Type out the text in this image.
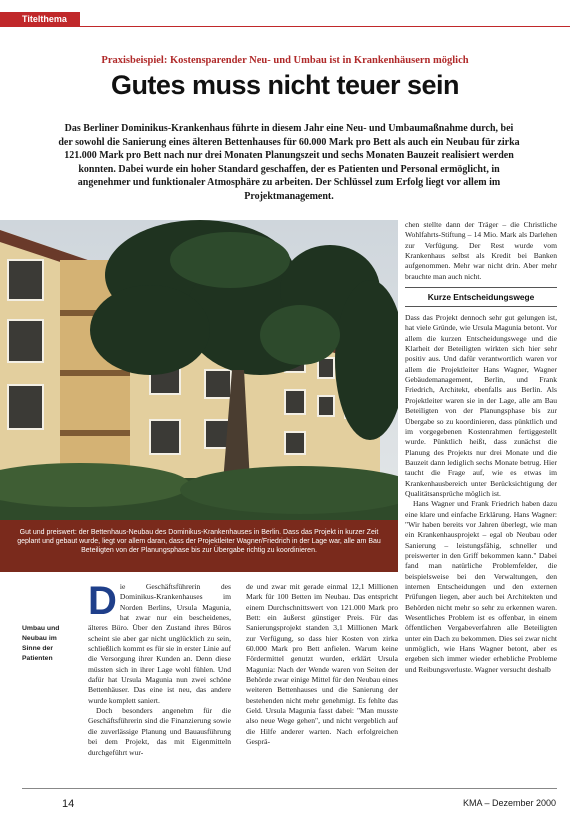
Titelthema
Praxisbeispiel: Kostensparender Neu- und Umbau ist in Krankenhäusern möglich
Gutes muss nicht teuer sein
Das Berliner Dominikus-Krankenhaus führte in diesem Jahr eine Neu- und Umbaumaßnahme durch, bei der sowohl die Sanierung eines älteren Bettenhauses für 60.000 Mark pro Bett als auch ein Neubau für zirka 121.000 Mark pro Bett nach nur drei Monaten Planungszeit und sechs Monaten Bauzeit realisiert werden konnten. Dabei wurde ein hoher Standard geschaffen, der es Patienten und Personal ermöglicht, in angenehmer und funktionaler Atmosphäre zu arbeiten. Der Schlüssel zum Erfolg liegt vor allem im Projektmanagement.
Gut und preiswert: der Bettenhaus-Neubau des Dominikus-Krankenhauses in Berlin. Dass das Projekt in kurzer Zeit geplant und gebaut wurde, liegt vor allem daran, dass der Projektleiter Wagner/Friedrich in der Lage war, alle am Bau Beteiligten von der Planungsphase bis zur Übergabe richtig zu koordinieren.
Umbau und Neubau im Sinne der Patienten

Die Geschäftsführerin des Dominikus-Krankenhauses im Norden Berlins, Ursula Magunia, hat zwar nur ein bescheidenes, älteres Büro. Über den Zustand ihres Büros scheint sie aber gar nicht unglücklich zu sein, schließlich kommt es für sie in erster Linie auf die Versorgung ihrer Kunden an. Denn diese müssten sich in ihrer Lage wohl fühlen. Und dafür hat Ursula Magunia nun zwei schöne Bettenhäuser. Das eine ist neu, das andere wurde komplett saniert.

Doch besonders angenehm für die Geschäftsführerin sind die Finanzierung sowie die zuverlässige Planung und Bauausführung bei dem Projekt, das mit Eigenmitteln durchgeführt wur-

de und zwar mit gerade einmal 12,1 Millionen Mark für 100 Betten im Neubau. Das entspricht einem Durchschnittswert von 121.000 Mark pro Bett: ein äußerst günstiger Preis. Für das Sanierungsprojekt standen 3,1 Millionen Mark zur Verfügung, so dass hier Kosten von zirka 60.000 Mark pro Bett anfielen. Warum keine Fördermittel genutzt wurden, erklärt Ursula Magunia: Nach der Wende waren von Seiten der Behörde zwar einige Mittel für den Neubau eines weiteren Bettenhauses und die Sanierung der bestehenden nicht mehr genehmigt. Es fehlte das Geld. Ursula Magunia fasst dabei: "Man musste also neue Wege gehen", und nicht vergeblich auf die Hilfe anderer warten. Nach erfolgreichen Gesprä-

chen stellte dann der Träger – die Christliche Wohlfahrts-Stiftung – 14 Mio. Mark als Darlehen zur Verfügung. Der Rest wurde vom Krankenhaus selbst als Kredit bei Banken aufgenommen. Mehr war nicht drin. Aber mehr brauchte man auch nicht.

Kurze Entscheidungswege

Dass das Projekt dennoch sehr gut gelungen ist, hat viele Gründe, wie Ursula Magunia betont. Vor allem die kurzen Entscheidungswege und die Klarheit der Beteiligten wirkten sich hier sehr positiv aus. Und dafür verantwortlich waren vor allem die Projektleiter Hans Wagner, Wagner Gebäudemanagement, Berlin, und Frank Friedrich, Architekt, ebenfalls aus Berlin. Als Projektleiter waren sie in der Lage, alle am Bau Beteiligten von der Planungsphase bis zur Übergabe so zu koordinieren, dass pünktlich und im vorgegebenen Kostenrahmen fertiggestellt wurde. Pünktlich heißt, dass zunächst die Planung des Projekts nur drei Monate und die Bauzeit dann lediglich sechs Monate betrug. Hier taucht die Frage auf, wie es etwas im Krankenhausbereich unter Berücksichtigung der Qualitätsansprüche möglich ist.

Hans Wagner und Frank Friedrich haben dazu eine klare und einfache Erklärung. Hans Wagner: "Wir haben bereits vor Jahren überlegt, wie man ein Krankenhausprojekt – egal ob Neubau oder Sanierung – leistungsfähig, schneller und preiswerter in den Griff bekommen kann." Dabei fand man natürliche Problemfelder, die beispielsweise bei den Verwaltungen, den internen Entscheidungen und den externen Prüfungen liegen, aber auch bei Architekten und Behörden nicht mehr so sehr zu erkennen waren. Wesentliches Problem ist es offenbar, in einem öffentlichen Vergabeverfahren alle Beteiligten unter ein Dach zu bekommen. Dies sei zwar nicht unmöglich, wie Hans Wagner betont, aber es ergeben sich immer wieder erhebliche Probleme und Reibungsverluste. Wagner versucht deshalb

14	KMA – Dezember 2000
